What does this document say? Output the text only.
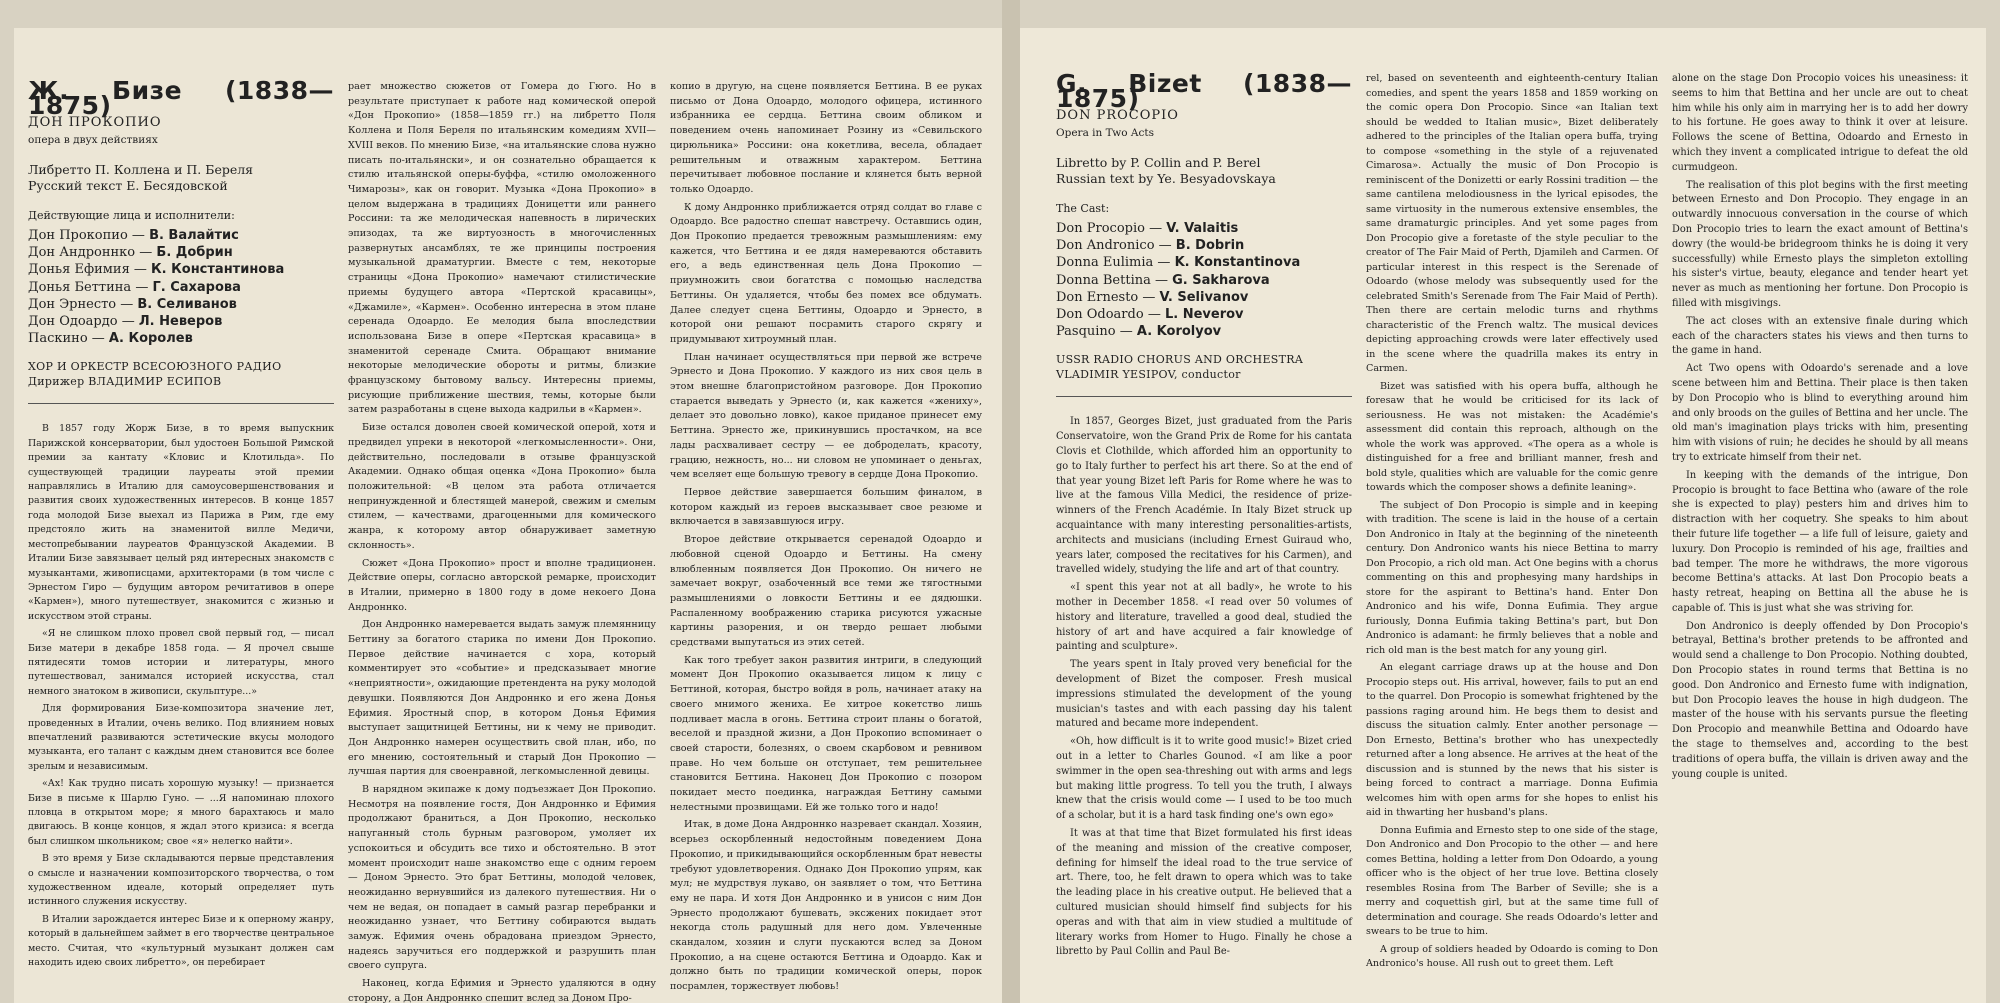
Ж. Бизе (1838—1875)
ДОН ПРОКОПИО
опера в двух действиях
Либретто П. Коллена и П. Береля
Русский текст Е. Бесядовской
Действующие лица и исполнители:
Дон Прокопио — В. Валайтис
Дон Андроннко — Б. Добрин
Донья Ефимия — К. Константинова
Донья Беттина — Г. Сахарова
Дон Эрнесто — В. Селиванов
Дон Одоардо — Л. Неверов
Паскино — А. Королев
ХОР И ОРКЕСТР ВСЕСОЮЗНОГО РАДИО
Дирижер ВЛАДИМИР ЕСИПОВ

В 1857 году Жорж Бизе, в то время выпускник Парижской консерватории, был удостоен Большой Римской премии за кантату «Кловис и Клотильда». По существующей традиции лауреаты этой премии направлялись в Италию для самоусовершенствования и развития своих художественных интересов. В конце 1857 года молодой Бизе выехал из Парижа в Рим, где ему предстояло жить на знаменитой вилле Медичи, местопребывании лауреатов Французской Академии. В Италии Бизе завязывает целый ряд интересных знакомств с музыкантами, живописцами, архитекторами (в том числе с Эрнестом Гиро — будущим автором речитативов в опере «Кармен»), много путешествует, знакомится с жизнью и искусством этой страны.

«Я не слишком плохо провел свой первый год, — писал Бизе матери в декабре 1858 года. — Я прочел свыше пятидесяти томов истории и литературы, много путешествовал, занимался историей искусства, стал немного знатоком в живописи, скульптуре...»

Для формирования Бизе-композитора значение лет, проведенных в Италии, очень велико. Под влиянием новых впечатлений развиваются эстетические вкусы молодого музыканта, его талант с каждым днем становится все более зрелым и независимым.

«Ах! Как трудно писать хорошую музыку! — признается Бизе в письме к Шарлю Гуно. — ...Я напоминаю плохого пловца в открытом море; я много барахтаюсь и мало двигаюсь. В конце концов, я ждал этого кризиса: я всегда был слишком школьником; свое «я» нелегко найти».

В это время у Бизе складываются первые представления о смысле и назначении композиторского творчества, о том художественном идеале, который определяет путь истинного служения искусству.

В Италии зарождается интерес Бизе и к оперному жанру, который в дальнейшем займет в его творчестве центральное место. Считая, что «культурный музыкант должен сам находить идею своих либретто», он перебирает

рает множество сюжетов от Гомера до Гюго. Но в результате приступает к работе над комической оперой «Дон Прокопио» (1858—1859 гг.) на либретто Поля Коллена и Поля Береля по итальянским комедиям XVII—XVIII веков. По мнению Бизе, «на итальянские слова нужно писать по-итальянски», и он сознательно обращается к стилю итальянской оперы-буффа, «стилю омоложенного Чимарозы», как он говорит. Музыка «Дона Прокопио» в целом выдержана в традициях Доницетти или раннего Россини: та же мелодическая напевность в лирических эпизодах, та же виртуозность в многочисленных развернутых ансамблях, те же принципы построения музыкальной драматургии. Вместе с тем, некоторые страницы «Дона Прокопио» намечают стилистические приемы будущего автора «Пертской красавицы», «Джамиле», «Кармен». Особенно интересна в этом плане серенада Одоардо. Ее мелодия была впоследствии использована Бизе в опере «Пертская красавица» в знаменитой серенаде Смита. Обращают внимание некоторые мелодические обороты и ритмы, близкие французскому бытовому вальсу. Интересны приемы, рисующие приближение шествия, темы, которые были затем разработаны в сцене выхода кадрильи в «Кармен».

Бизе остался доволен своей комической оперой, хотя и предвидел упреки в некоторой «легкомысленности». Они, действительно, последовали в отзыве французской Академии. Однако общая оценка «Дона Прокопио» была положительной: «В целом эта работа отличается непринужденной и блестящей манерой, свежим и смелым стилем, — качествами, драгоценными для комического жанра, к которому автор обнаруживает заметную склонность».

Сюжет «Дона Прокопио» прост и вполне традиционен. Действие оперы, согласно авторской ремарке, происходит в Италии, примерно в 1800 году в доме некоего Дона Андроннко.

Дон Андроннко намеревается выдать замуж племянницу Беттину за богатого старика по имени Дон Прокопио. Первое действие начинается с хора, который комментирует это «событие» и предсказывает многие «неприятности», ожидающие претендента на руку молодой девушки. Появляются Дон Андроннко и его жена Донья Ефимия. Яростный спор, в котором Донья Ефимия выступает защитницей Беттины, ни к чему не приводит. Дон Андроннко намерен осуществить свой план, ибо, по его мнению, состоятельный и старый Дон Прокопио — лучшая партия для своенравной, легкомысленной девицы.

В нарядном экипаже к дому подъезжает Дон Прокопио. Несмотря на появление гостя, Дон Андроннко и Ефимия продолжают браниться, а Дон Прокопио, несколько напуганный столь бурным разговором, умоляет их успокоиться и обсудить все тихо и обстоятельно. В этот момент происходит наше знакомство еще с одним героем — Доном Эрнесто. Это брат Беттины, молодой человек, неожиданно вернувшийся из далекого путешествия. Ни о чем не ведая, он попадает в самый разгар перебранки и неожиданно узнает, что Беттину собираются выдать замуж. Ефимия очень обрадована приездом Эрнесто, надеясь заручиться его поддержкой и разрушить план своего супруга.

Наконец, когда Ефимия и Эрнесто удаляются в одну сторону, а Дон Андроннко спешит вслед за Доном Про-

копио в другую, на сцене появляется Беттина. В ее руках письмо от Дона Одоардо, молодого офицера, истинного избранника ее сердца. Беттина своим обликом и поведением очень напоминает Розину из «Севильского цирюльника» Россини: она кокетлива, весела, обладает решительным и отважным характером. Беттина перечитывает любовное послание и клянется быть верной только Одоардо.

К дому Андроннко приближается отряд солдат во главе с Одоардо. Все радостно спешат навстречу. Оставшись один, Дон Прокопио предается тревожным размышлениям: ему кажется, что Беттина и ее дядя намереваются обставить его, а ведь единственная цель Дона Прокопио — приумножить свои богатства с помощью наследства Беттины. Он удаляется, чтобы без помех все обдумать. Далее следует сцена Беттины, Одоардо и Эрнесто, в которой они решают посрамить старого скрягу и придумывают хитроумный план.

План начинает осуществляться при первой же встрече Эрнесто и Дона Прокопио. У каждого из них своя цель в этом внешне благопристойном разговоре. Дон Прокопио старается выведать у Эрнесто (и, как кажется «жениху», делает это довольно ловко), какое приданое принесет ему Беттина. Эрнесто же, прикинувшись простачком, на все лады расхваливает сестру — ее доброделать, красоту, грацию, нежность, но... ни словом не упоминает о деньгах, чем вселяет еще большую тревогу в сердце Дона Прокопио.

Первое действие завершается большим финалом, в котором каждый из героев высказывает свое резюме и включается в завязавшуюся игру.

Второе действие открывается серенадой Одоардо и любовной сценой Одоардо и Беттины. На смену влюбленным появляется Дон Прокопио. Он ничего не замечает вокруг, озабоченный все теми же тягостными размышлениями о ловкости Беттины и ее дядюшки. Распаленному воображению старика рисуются ужасные картины разорения, и он твердо решает любыми средствами выпутаться из этих сетей.

Как того требует закон развития интриги, в следующий момент Дон Прокопио оказывается лицом к лицу с Беттиной, которая, быстро войдя в роль, начинает атаку на своего мнимого жениха. Ее хитрое кокетство лишь подливает масла в огонь. Беттина строит планы о богатой, веселой и праздной жизни, а Дон Прокопио вспоминает о своей старости, болезнях, о своем скарбовом и ревнивом праве. Но чем больше он отступает, тем решительнее становится Беттина. Наконец Дон Прокопио с позором покидает место поединка, награждая Беттину самыми нелестными прозвищами. Ей же только того и надо!

Итак, в доме Дона Андроннко назревает скандал. Хозяин, всерьез оскорбленный недостойным поведением Дона Прокопио, и прикидывающийся оскорбленным брат невесты требуют удовлетворения. Однако Дон Прокопио упрям, как мул; не мудрствуя лукаво, он заявляет о том, что Беттина ему не пара. И хотя Дон Андроннко и в унисон с ним Дон Эрнесто продолжают бушевать, эксжених покидает этот некогда столь радушный для него дом. Увлеченные скандалом, хозяин и слуги пускаются вслед за Доном Прокопио, а на сцене остаются Беттина и Одоардо. Как и должно быть по традиции комической оперы, порок посрамлен, торжествует любовь!

G. Bizet (1838—1875)
DON PROCOPIO
Opera in Two Acts
Libretto by P. Collin and P. Berel
Russian text by Ye. Besyadovskaya
The Cast:
Don Procopio — V. Valaitis
Don Andronico — B. Dobrin
Donna Eulimia — K. Konstantinova
Donna Bettina — G. Sakharova
Don Ernesto — V. Selivanov
Don Odoardo — L. Neverov
Pasquino — A. Korolyov
USSR RADIO CHORUS AND ORCHESTRA
VLADIMIR YESIPOV, conductor

In 1857, Georges Bizet, just graduated from the Paris Conservatoire, won the Grand Prix de Rome for his cantata Clovis et Clothilde, which afforded him an opportunity to go to Italy further to perfect his art there. So at the end of that year young Bizet left Paris for Rome where he was to live at the famous Villa Medici, the residence of prize-winners of the French Académie. In Italy Bizet struck up acquaintance with many interesting personalities-artists, architects and musicians (including Ernest Guiraud who, years later, composed the recitatives for his Carmen), and travelled widely, studying the life and art of that country.

«I spent this year not at all badly», he wrote to his mother in December 1858. «I read over 50 volumes of history and literature, travelled a good deal, studied the history of art and have acquired a fair knowledge of painting and sculpture».

The years spent in Italy proved very beneficial for the development of Bizet the composer. Fresh musical impressions stimulated the development of the young musician's tastes and with each passing day his talent matured and became more independent.

«Oh, how difficult is it to write good music!» Bizet cried out in a letter to Charles Gounod. «I am like a poor swimmer in the open sea-threshing out with arms and legs but making little progress. To tell you the truth, I always knew that the crisis would come — I used to be too much of a scholar, but it is a hard task finding one's own ego»

It was at that time that Bizet formulated his first ideas of the meaning and mission of the creative composer, defining for himself the ideal road to the true service of art. There, too, he felt drawn to opera which was to take the leading place in his creative output. He believed that a cultured musician should himself find subjects for his operas and with that aim in view studied a multitude of literary works from Homer to Hugo. Finally he chose a libretto by Paul Collin and Paul Be-

rel, based on seventeenth and eighteenth-century Italian comedies, and spent the years 1858 and 1859 working on the comic opera Don Procopio. Since «an Italian text should be wedded to Italian music», Bizet deliberately adhered to the principles of the Italian opera buffa, trying to compose «something in the style of a rejuvenated Cimarosa». Actually the music of Don Procopio is reminiscent of the Donizetti or early Rossini tradition — the same cantilena melodiousness in the lyrical episodes, the same virtuosity in the numerous extensive ensembles, the same dramaturgic principles. And yet some pages from Don Procopio give a foretaste of the style peculiar to the creator of The Fair Maid of Perth, Djamileh and Carmen. Of particular interest in this respect is the Serenade of Odoardo (whose melody was subsequently used for the celebrated Smith's Serenade from The Fair Maid of Perth). Then there are certain melodic turns and rhythms characteristic of the French waltz. The musical devices depicting approaching crowds were later effectively used in the scene where the quadrilla makes its entry in Carmen.

Bizet was satisfied with his opera buffa, although he foresaw that he would be criticised for its lack of seriousness. He was not mistaken: the Académie's assessment did contain this reproach, although on the whole the work was approved. «The opera as a whole is distinguished for a free and brilliant manner, fresh and bold style, qualities which are valuable for the comic genre towards which the composer shows a definite leaning».

The subject of Don Procopio is simple and in keeping with tradition. The scene is laid in the house of a certain Don Andronico in Italy at the beginning of the nineteenth century. Don Andronico wants his niece Bettina to marry Don Procopio, a rich old man. Act One begins with a chorus commenting on this and prophesying many hardships in store for the aspirant to Bettina's hand. Enter Don Andronico and his wife, Donna Eufimia. They argue furiously, Donna Eufimia taking Bettina's part, but Don Andronico is adamant: he firmly believes that a noble and rich old man is the best match for any young girl.

An elegant carriage draws up at the house and Don Procopio steps out. His arrival, however, fails to put an end to the quarrel. Don Procopio is somewhat frightened by the passions raging around him. He begs them to desist and discuss the situation calmly. Enter another personage — Don Ernesto, Bettina's brother who has unexpectedly returned after a long absence. He arrives at the heat of the discussion and is stunned by the news that his sister is being forced to contract a marriage. Donna Eufimia welcomes him with open arms for she hopes to enlist his aid in thwarting her husband's plans.

Donna Eufimia and Ernesto step to one side of the stage, Don Andronico and Don Procopio to the other — and here comes Bettina, holding a letter from Don Odoardo, a young officer who is the object of her true love. Bettina closely resembles Rosina from The Barber of Seville; she is a merry and coquettish girl, but at the same time full of determination and courage. She reads Odoardo's letter and swears to be true to him.

A group of soldiers headed by Odoardo is coming to Don Andronico's house. All rush out to greet them. Left

alone on the stage Don Procopio voices his uneasiness: it seems to him that Bettina and her uncle are out to cheat him while his only aim in marrying her is to add her dowry to his fortune. He goes away to think it over at leisure. Follows the scene of Bettina, Odoardo and Ernesto in which they invent a complicated intrigue to defeat the old curmudgeon.

The realisation of this plot begins with the first meeting between Ernesto and Don Procopio. They engage in an outwardly innocuous conversation in the course of which Don Procopio tries to learn the exact amount of Bettina's dowry (the would-be bridegroom thinks he is doing it very successfully) while Ernesto plays the simpleton extolling his sister's virtue, beauty, elegance and tender heart yet never as much as mentioning her fortune. Don Procopio is filled with misgivings.

The act closes with an extensive finale during which each of the characters states his views and then turns to the game in hand.

Act Two opens with Odoardo's serenade and a love scene between him and Bettina. Their place is then taken by Don Procopio who is blind to everything around him and only broods on the guiles of Bettina and her uncle. The old man's imagination plays tricks with him, presenting him with visions of ruin; he decides he should by all means try to extricate himself from their net.

In keeping with the demands of the intrigue, Don Procopio is brought to face Bettina who (aware of the role she is expected to play) pesters him and drives him to distraction with her coquetry. She speaks to him about their future life together — a life full of leisure, gaiety and luxury. Don Procopio is reminded of his age, frailties and bad temper. The more he withdraws, the more vigorous become Bettina's attacks. At last Don Procopio beats a hasty retreat, heaping on Bettina all the abuse he is capable of. This is just what she was striving for.

Don Andronico is deeply offended by Don Procopio's betrayal, Bettina's brother pretends to be affronted and would send a challenge to Don Procopio. Nothing doubted, Don Procopio states in round terms that Bettina is no good. Don Andronico and Ernesto fume with indignation, but Don Procopio leaves the house in high dudgeon. The master of the house with his servants pursue the fleeting Don Procopio and meanwhile Bettina and Odoardo have the stage to themselves and, according to the best traditions of opera buffa, the villain is driven away and the young couple is united.
